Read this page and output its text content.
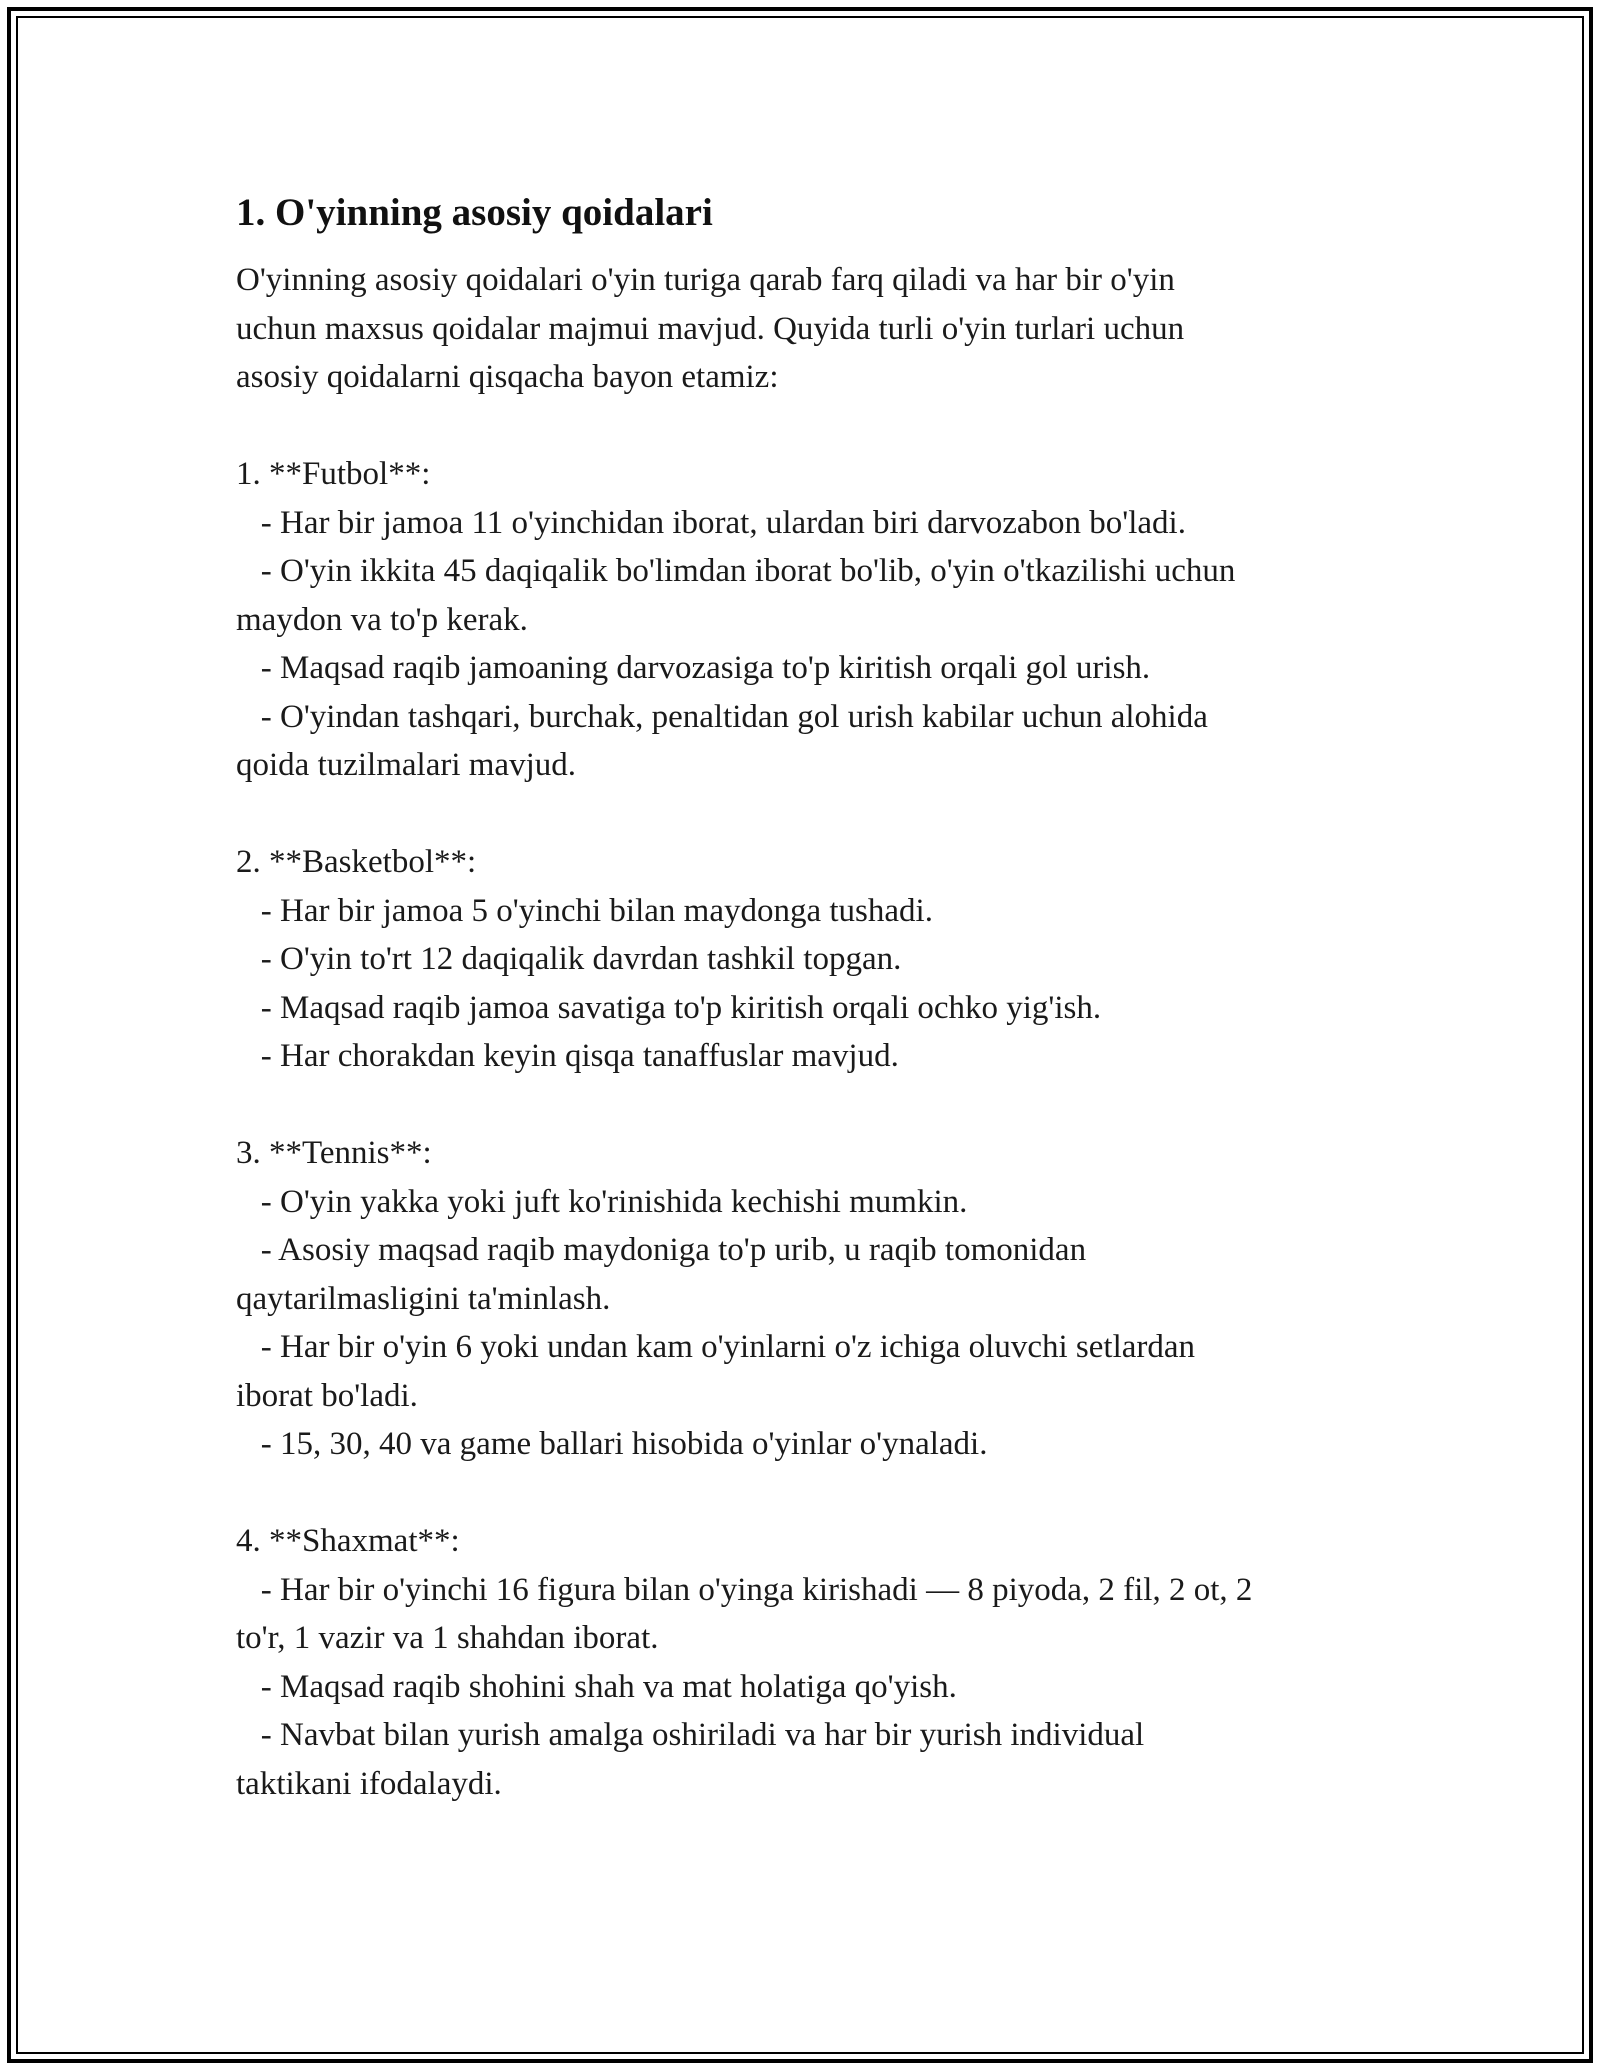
1. O'yinning asosiy qoidalari
O'yinning asosiy qoidalari o'yin turiga qarab farq qiladi va har bir o'yin
uchun maxsus qoidalar majmui mavjud. Quyida turli o'yin turlari uchun
asosiy qoidalarni qisqacha bayon etamiz:

1. **Futbol**:
- Har bir jamoa 11 o'yinchidan iborat, ulardan biri darvozabon bo'ladi.
- O'yin ikkita 45 daqiqalik bo'limdan iborat bo'lib, o'yin o'tkazilishi uchun
maydon va to'p kerak.
- Maqsad raqib jamoaning darvozasiga to'p kiritish orqali gol urish.
- O'yindan tashqari, burchak, penaltidan gol urish kabilar uchun alohida
qoida tuzilmalari mavjud.

2. **Basketbol**:
- Har bir jamoa 5 o'yinchi bilan maydonga tushadi.
- O'yin to'rt 12 daqiqalik davrdan tashkil topgan.
- Maqsad raqib jamoa savatiga to'p kiritish orqali ochko yig'ish.
- Har chorakdan keyin qisqa tanaffuslar mavjud.

3. **Tennis**:
- O'yin yakka yoki juft ko'rinishida kechishi mumkin.
- Asosiy maqsad raqib maydoniga to'p urib, u raqib tomonidan
qaytarilmasligini ta'minlash.
- Har bir o'yin 6 yoki undan kam o'yinlarni o'z ichiga oluvchi setlardan
iborat bo'ladi.
- 15, 30, 40 va game ballari hisobida o'yinlar o'ynaladi.

4. **Shaxmat**:
- Har bir o'yinchi 16 figura bilan o'yinga kirishadi — 8 piyoda, 2 fil, 2 ot, 2
to'r, 1 vazir va 1 shahdan iborat.
- Maqsad raqib shohini shah va mat holatiga qo'yish.
- Navbat bilan yurish amalga oshiriladi va har bir yurish individual
taktikani ifodalaydi.
